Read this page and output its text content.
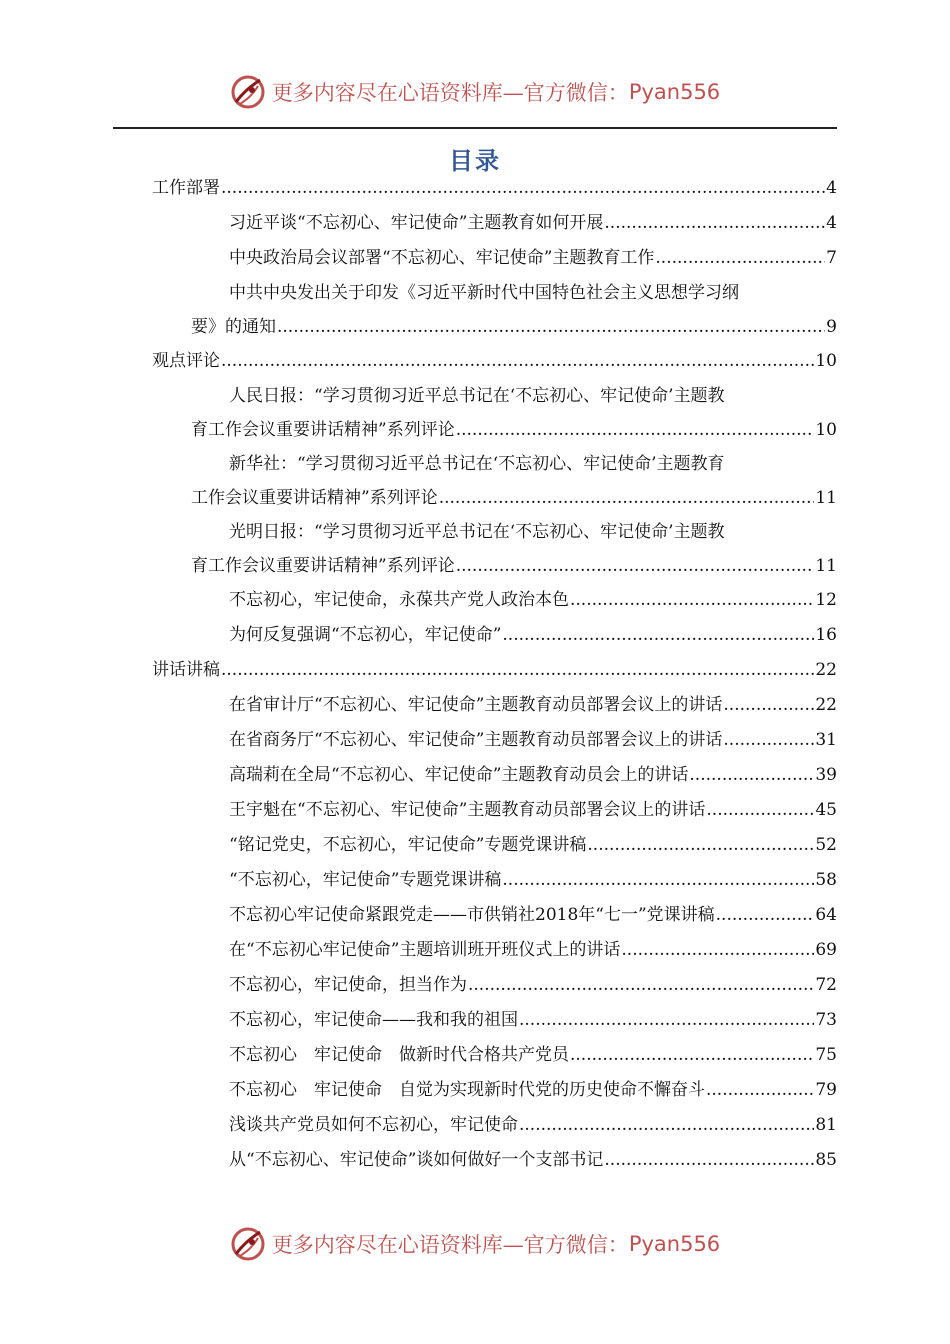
更多内容尽在心语资料库—官方微信： Pyan556
目录
工作部署 .....	4
习近平谈“不忘初心、牢记使命”主题教育如何开展 .....	4
中央政治局会议部署“不忘初心、牢记使命”主题教育工作 .....	7
中共中央发出关于印发《习近平新时代中国特色社会主义思想学习纲
要》的通知 .....	9
观点评论 .....	10
人民日报：“学习贯彻习近平总书记在‘不忘初心、牢记使命’主题教
育工作会议重要讲话精神”系列评论 .....	10
新华社：“学习贯彻习近平总书记在‘不忘初心、牢记使命’主题教育
工作会议重要讲话精神”系列评论 .....	11
光明日报：“学习贯彻习近平总书记在‘不忘初心、牢记使命’主题教
育工作会议重要讲话精神”系列评论 .....	11
不忘初心，牢记使命，永葆共产党人政治本色 .....	12
为何反复强调“不忘初心，牢记使命” .....	16
讲话讲稿 .....	22
在省审计厅“不忘初心、牢记使命”主题教育动员部署会议上的讲话 .....	22
在省商务厅“不忘初心、牢记使命”主题教育动员部署会议上的讲话 .....	31
高瑞莉在全局“不忘初心、牢记使命”主题教育动员会上的讲话 .....	39
王宇魁在“不忘初心、牢记使命”主题教育动员部署会议上的讲话 .....	45
“铭记党史，不忘初心，牢记使命”专题党课讲稿 .....	52
“不忘初心，牢记使命”专题党课讲稿 .....	58
不忘初心牢记使命紧跟党走——市供销社2018年“七一”党课讲稿 .....	64
在“不忘初心牢记使命”主题培训班开班仪式上的讲话 .....	69
不忘初心，牢记使命，担当作为 .....	72
不忘初心，牢记使命——我和我的祖国 .....	73
不忘初心　牢记使命　做新时代合格共产党员 .....	75
不忘初心　牢记使命　自觉为实现新时代党的历史使命不懈奋斗 .....	79
浅谈共产党员如何不忘初心，牢记使命 .....	81
从“不忘初心、牢记使命”谈如何做好一个支部书记 .....	85
更多内容尽在心语资料库—官方微信： Pyan556
